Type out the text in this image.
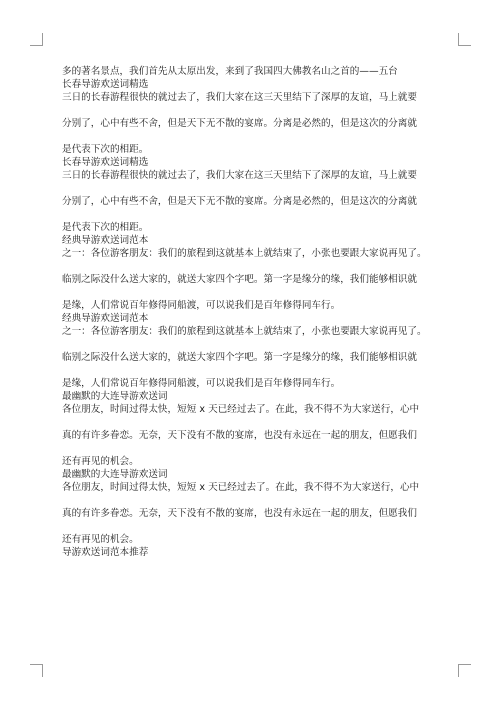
多的著名景点，我们首先从太原出发，来到了我国四大佛教名山之首的——五台
长春导游欢送词精选
三日的长春游程很快的就过去了，我们大家在这三天里结下了深厚的友谊，马上就要
分别了，心中有些不舍，但是天下无不散的宴席。分离是必然的，但是这次的分离就
是代表下次的相距。
长春导游欢送词精选
三日的长春游程很快的就过去了，我们大家在这三天里结下了深厚的友谊，马上就要
分别了，心中有些不舍，但是天下无不散的宴席。分离是必然的，但是这次的分离就
是代表下次的相距。
经典导游欢送词范本
之一：各位游客朋友：我们的旅程到这就基本上就结束了，小张也要跟大家说再见了。
临别之际没什么送大家的，就送大家四个字吧。第一字是缘分的缘，我们能够相识就
是缘，人们常说百年修得同船渡，可以说我们是百年修得同车行。
经典导游欢送词范本
之一：各位游客朋友：我们的旅程到这就基本上就结束了，小张也要跟大家说再见了。
临别之际没什么送大家的，就送大家四个字吧。第一字是缘分的缘，我们能够相识就
是缘，人们常说百年修得同船渡，可以说我们是百年修得同车行。
最幽默的大连导游欢送词
各位朋友，时间过得太快，短短 x 天已经过去了。在此，我不得不为大家送行，心中
真的有许多眷恋。无奈，天下没有不散的宴席，也没有永远在一起的朋友，但愿我们
还有再见的机会。
最幽默的大连导游欢送词
各位朋友，时间过得太快，短短 x 天已经过去了。在此，我不得不为大家送行，心中
真的有许多眷恋。无奈，天下没有不散的宴席，也没有永远在一起的朋友，但愿我们
还有再见的机会。
导游欢送词范本推荐
